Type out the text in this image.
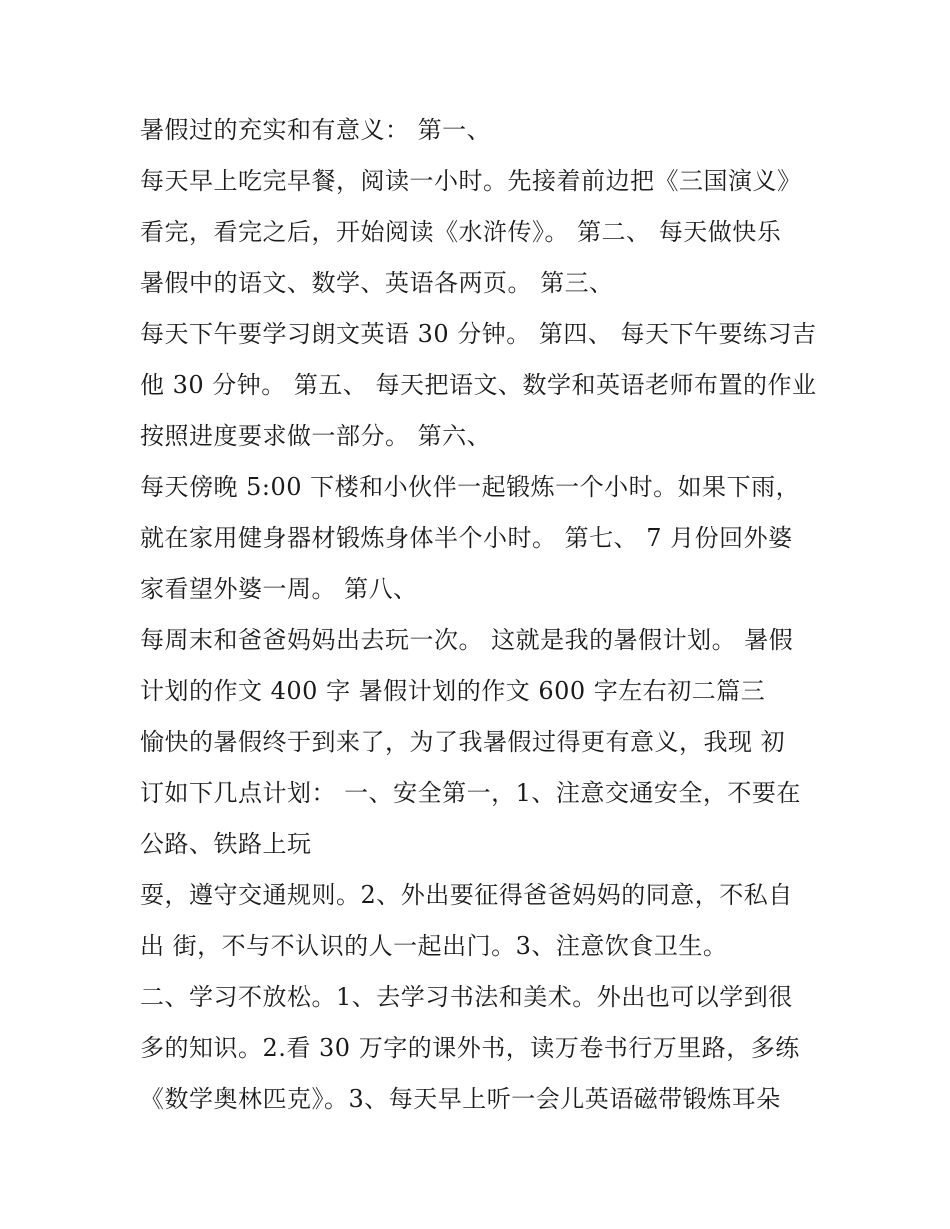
暑假过的充实和有意义： 第一、
每天早上吃完早餐，阅读一小时。先接着前边把《三国演义》
看完，看完之后，开始阅读《水浒传》。 第二、 每天做快乐
暑假中的语文、数学、英语各两页。 第三、
每天下午要学习朗文英语 30 分钟。 第四、 每天下午要练习吉
他 30 分钟。 第五、 每天把语文、数学和英语老师布置的作业
按照进度要求做一部分。 第六、
每天傍晚 5:00 下楼和小伙伴一起锻炼一个小时。如果下雨，
就在家用健身器材锻炼身体半个小时。 第七、 7 月份回外婆
家看望外婆一周。 第八、
每周末和爸爸妈妈出去玩一次。 这就是我的暑假计划。 暑假
计划的作文 400 字 暑假计划的作文 600 字左右初二篇三
愉快的暑假终于到来了，为了我暑假过得更有意义，我现 初
订如下几点计划： 一、安全第一，1、注意交通安全，不要在
公路、铁路上玩
耍，遵守交通规则。2、外出要征得爸爸妈妈的同意，不私自
出 街，不与不认识的人一起出门。3、注意饮食卫生。
二、学习不放松。1、去学习书法和美术。外出也可以学到很
多的知识。2.看 30 万字的课外书，读万卷书行万里路，多练
《数学奥林匹克》。3、每天早上听一会儿英语磁带锻炼耳朵
